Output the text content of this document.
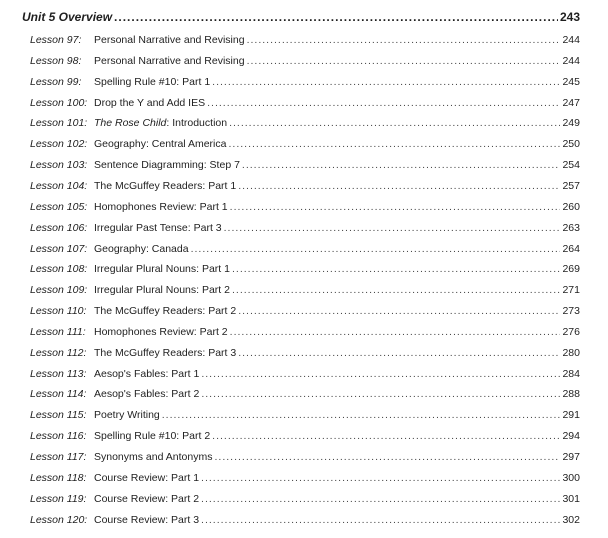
Unit 5 Overview .....	243
Lesson 97: Personal Narrative and Revising .....	244
Lesson 98: Personal Narrative and Revising .....	244
Lesson 99: Spelling Rule #10: Part 1 .....	245
Lesson 100: Drop the Y and Add IES .....	247
Lesson 101: The Rose Child: Introduction .....	249
Lesson 102: Geography: Central America .....	250
Lesson 103: Sentence Diagramming: Step 7 .....	254
Lesson 104: The McGuffey Readers: Part 1 .....	257
Lesson 105: Homophones Review: Part 1 .....	260
Lesson 106: Irregular Past Tense: Part 3 .....	263
Lesson 107: Geography: Canada .....	264
Lesson 108: Irregular Plural Nouns: Part 1 .....	269
Lesson 109: Irregular Plural Nouns: Part 2 .....	271
Lesson 110: The McGuffey Readers: Part 2 .....	273
Lesson 111: Homophones Review: Part 2 .....	276
Lesson 112: The McGuffey Readers: Part 3 .....	280
Lesson 113: Aesop's Fables: Part 1 .....	284
Lesson 114: Aesop's Fables: Part 2 .....	288
Lesson 115: Poetry Writing .....	291
Lesson 116: Spelling Rule #10: Part 2 .....	294
Lesson 117: Synonyms and Antonyms .....	297
Lesson 118: Course Review: Part 1 .....	300
Lesson 119: Course Review: Part 2 .....	301
Lesson 120: Course Review: Part 3 .....	302
